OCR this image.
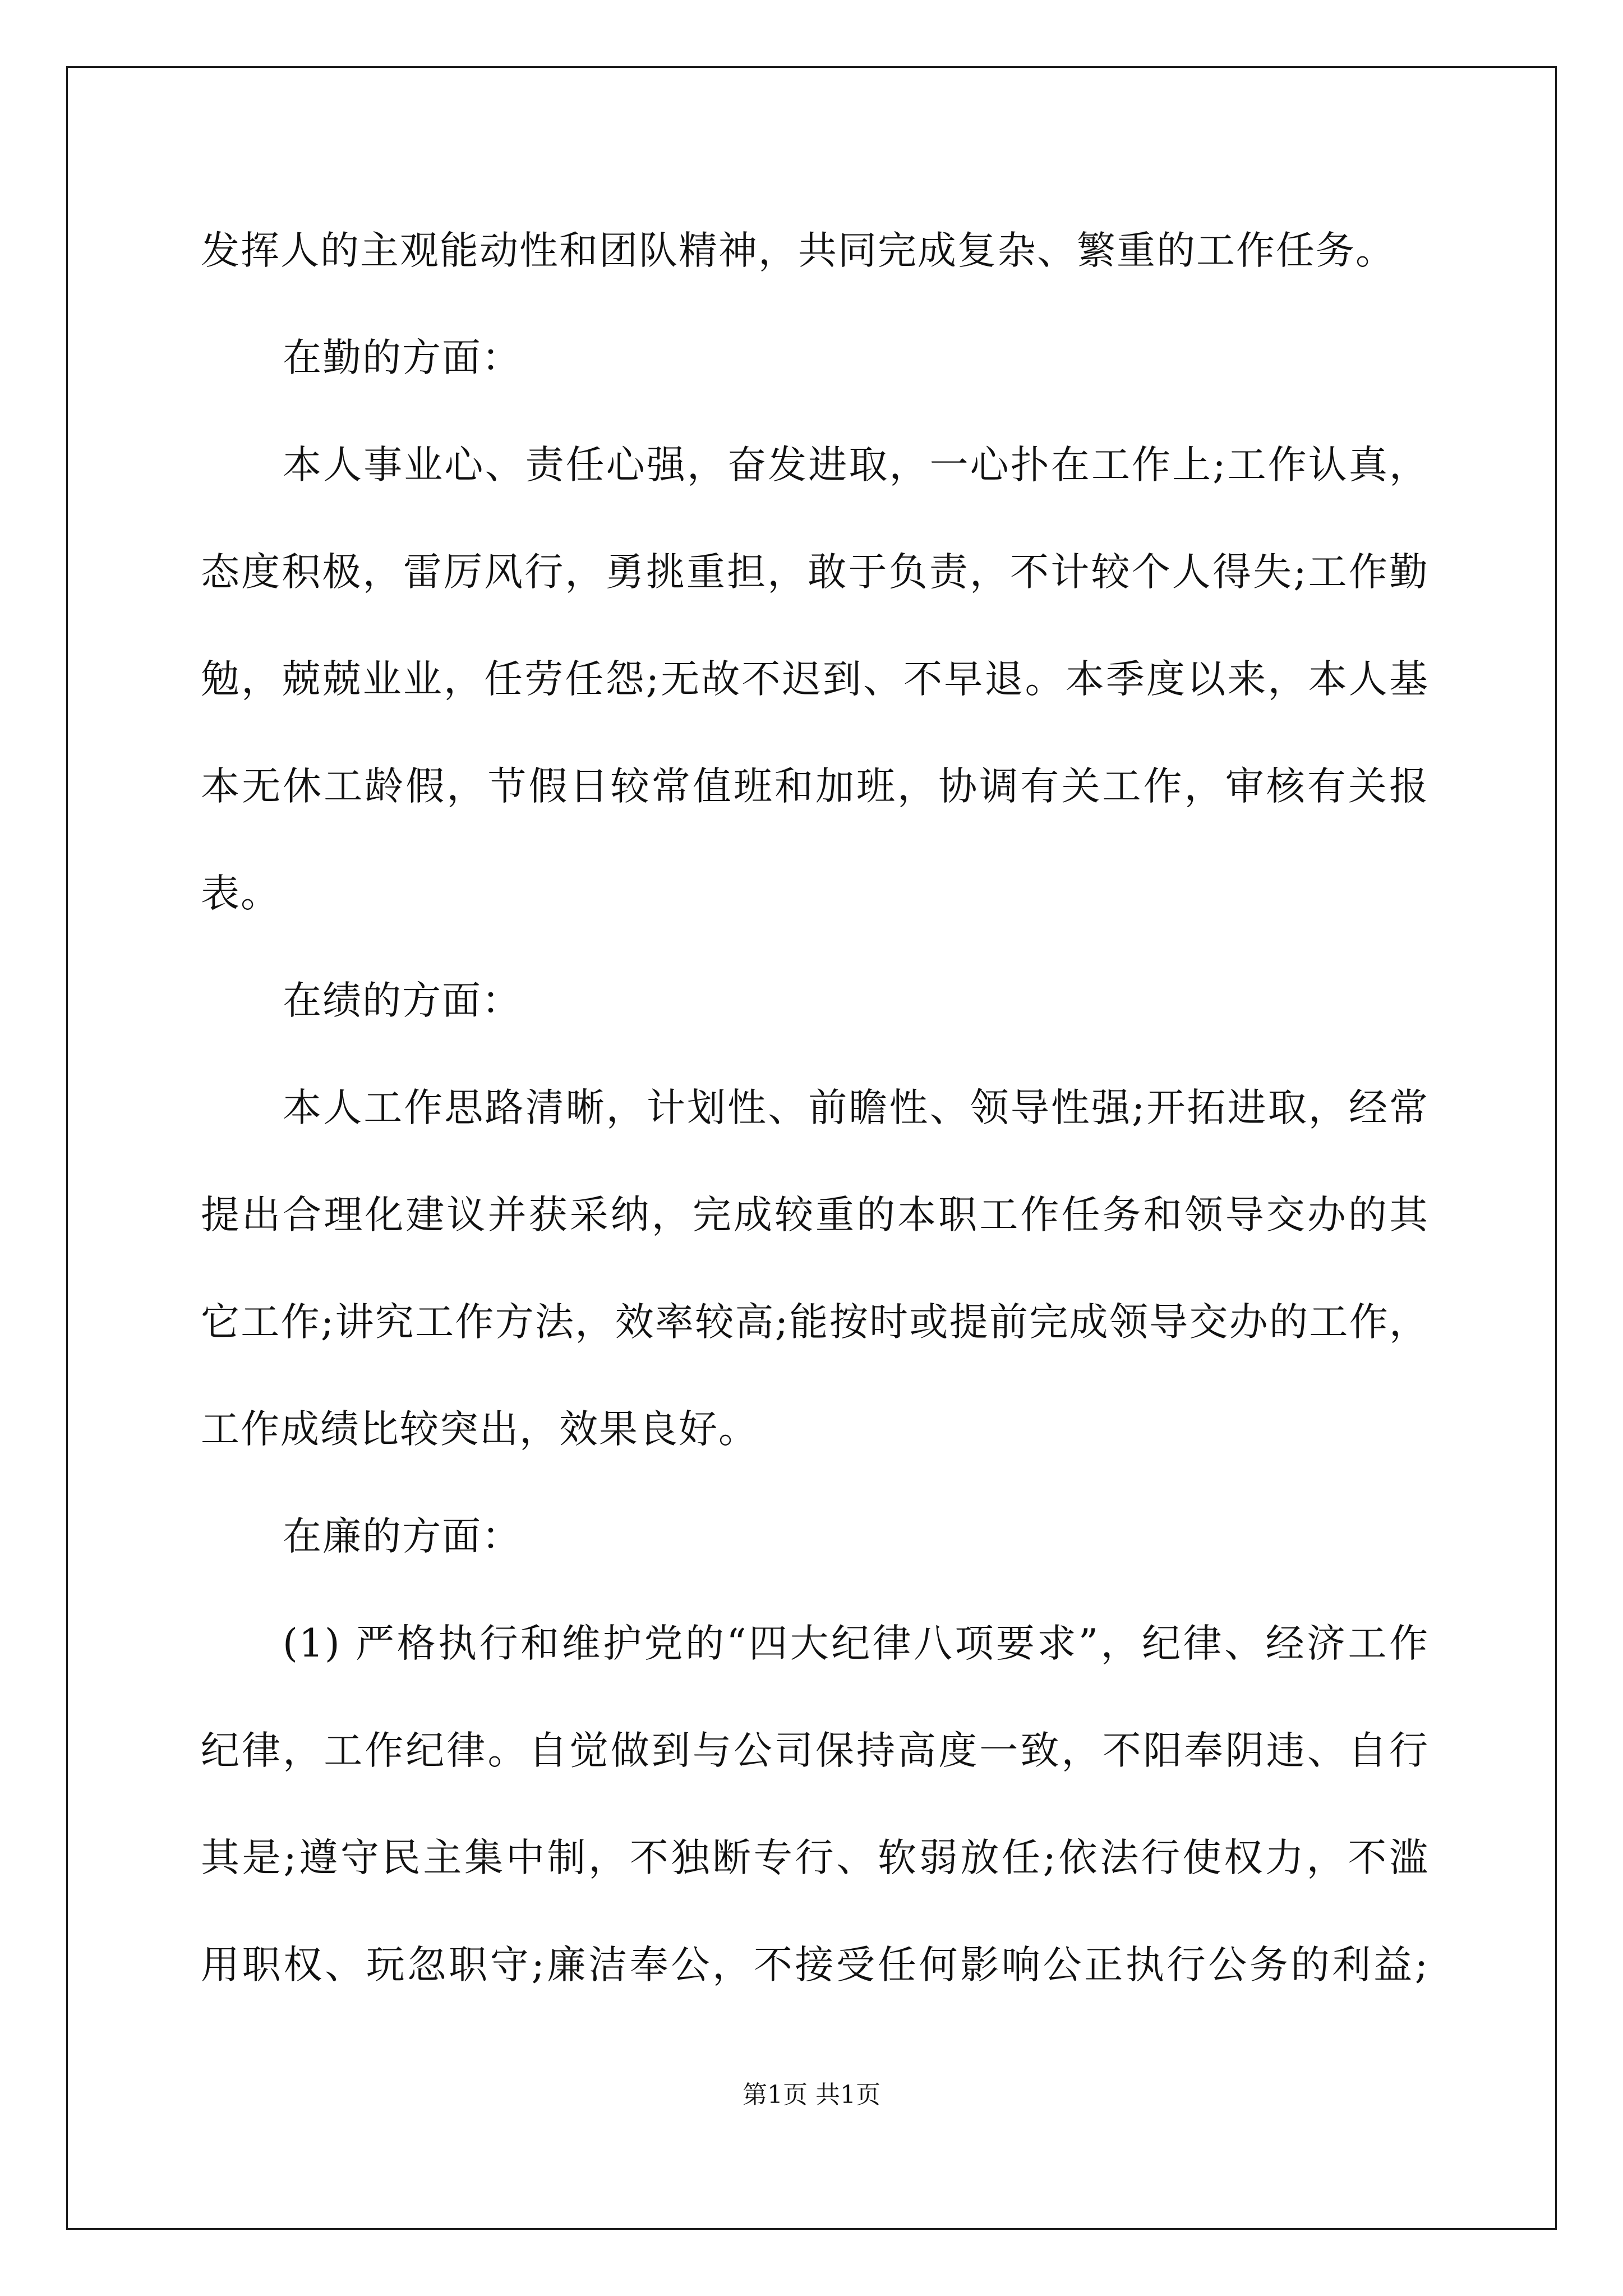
发挥人的主观能动性和团队精神，共同完成复杂、繁重的工作任务。
在勤的方面：
本人事业心、责任心强，奋发进取，一心扑在工作上;工作认真，
态度积极，雷厉风行，勇挑重担，敢于负责，不计较个人得失;工作勤
勉，兢兢业业，任劳任怨;无故不迟到、不早退。本季度以来，本人基
本无休工龄假，节假日较常值班和加班，协调有关工作，审核有关报
表。
在绩的方面：
本人工作思路清晰，计划性、前瞻性、领导性强;开拓进取，经常
提出合理化建议并获采纳，完成较重的本职工作任务和领导交办的其
它工作;讲究工作方法，效率较高;能按时或提前完成领导交办的工作，
工作成绩比较突出，效果良好。
在廉的方面：
(1) 严格执行和维护党的“四大纪律八项要求”，纪律、经济工作
纪律，工作纪律。自觉做到与公司保持高度一致，不阳奉阴违、自行
其是;遵守民主集中制，不独断专行、软弱放任;依法行使权力，不滥
用职权、玩忽职守;廉洁奉公，不接受任何影响公正执行公务的利益;
第1页 共1页
